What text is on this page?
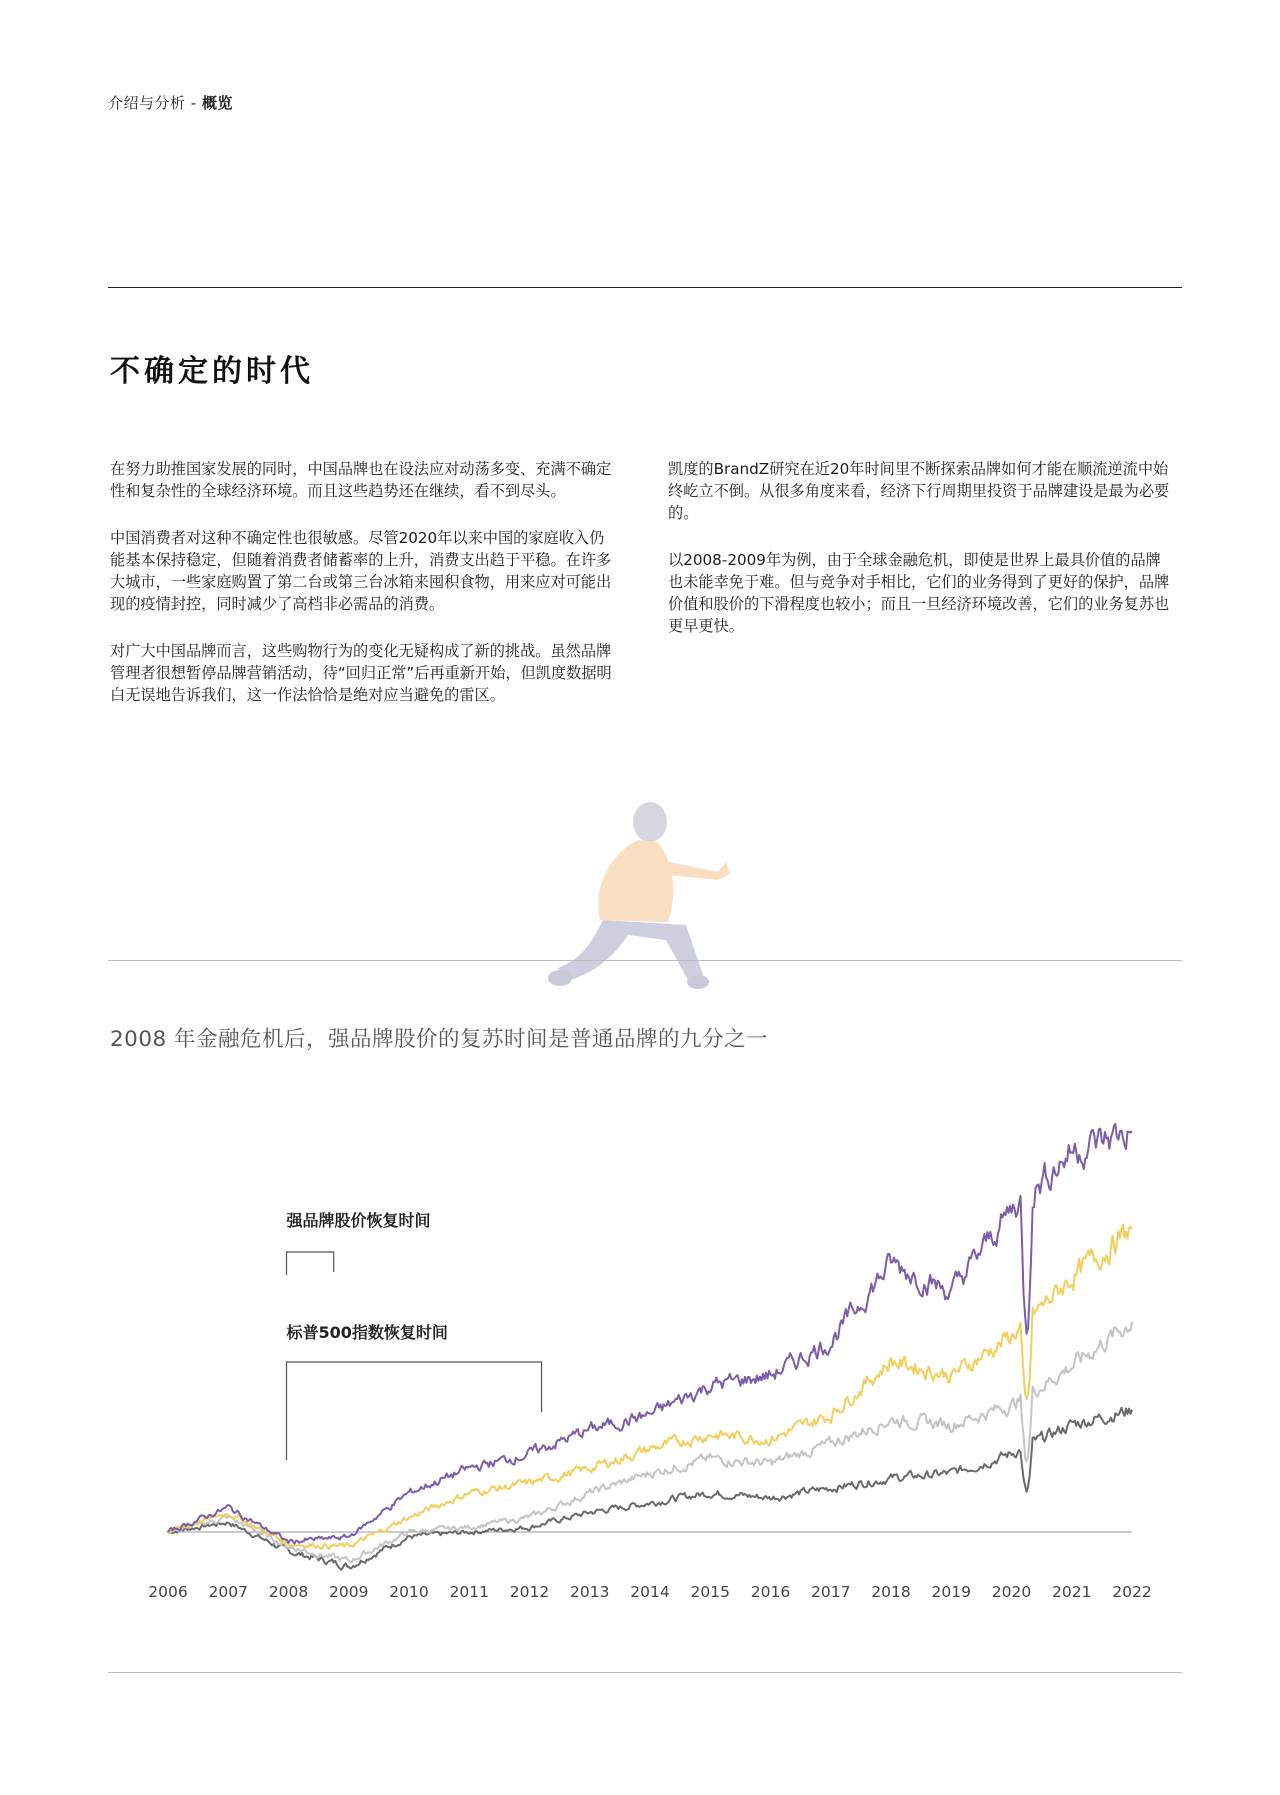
介绍与分析 - 概览
不确定的时代

在努力助推国家发展的同时，中国品牌也在设法应对动荡多变、充满不确定性和复杂性的全球经济环境。而且这些趋势还在继续，看不到尽头。

中国消费者对这种不确定性也很敏感。尽管2020年以来中国的家庭收入仍能基本保持稳定，但随着消费者储蓄率的上升，消费支出趋于平稳。在许多大城市，一些家庭购置了第二台或第三台冰箱来囤积食物，用来应对可能出现的疫情封控，同时减少了高档非必需品的消费。

对广大中国品牌而言，这些购物行为的变化无疑构成了新的挑战。虽然品牌管理者很想暂停品牌营销活动，待“回归正常”后再重新开始，但凯度数据明白无误地告诉我们，这一作法恰恰是绝对应当避免的雷区。

凯度的BrandZ研究在近20年时间里不断探索品牌如何才能在顺流逆流中始终屹立不倒。从很多角度来看，经济下行周期里投资于品牌建设是最为必要的。

以2008-2009年为例，由于全球金融危机，即使是世界上最具价值的品牌也未能幸免于难。但与竞争对手相比，它们的业务得到了更好的保护，品牌价值和股价的下滑程度也较小；而且一旦经济环境改善，它们的业务复苏也更早更快。

2008 年金融危机后，强品牌股价的复苏时间是普通品牌的九分之一
强品牌股价恢复时间
标普500指数恢复时间
2006 2007 2008 2009 2010 2011 2012 2013 2014 2015 2016 2017 2018 2019 2020 2021 2022
